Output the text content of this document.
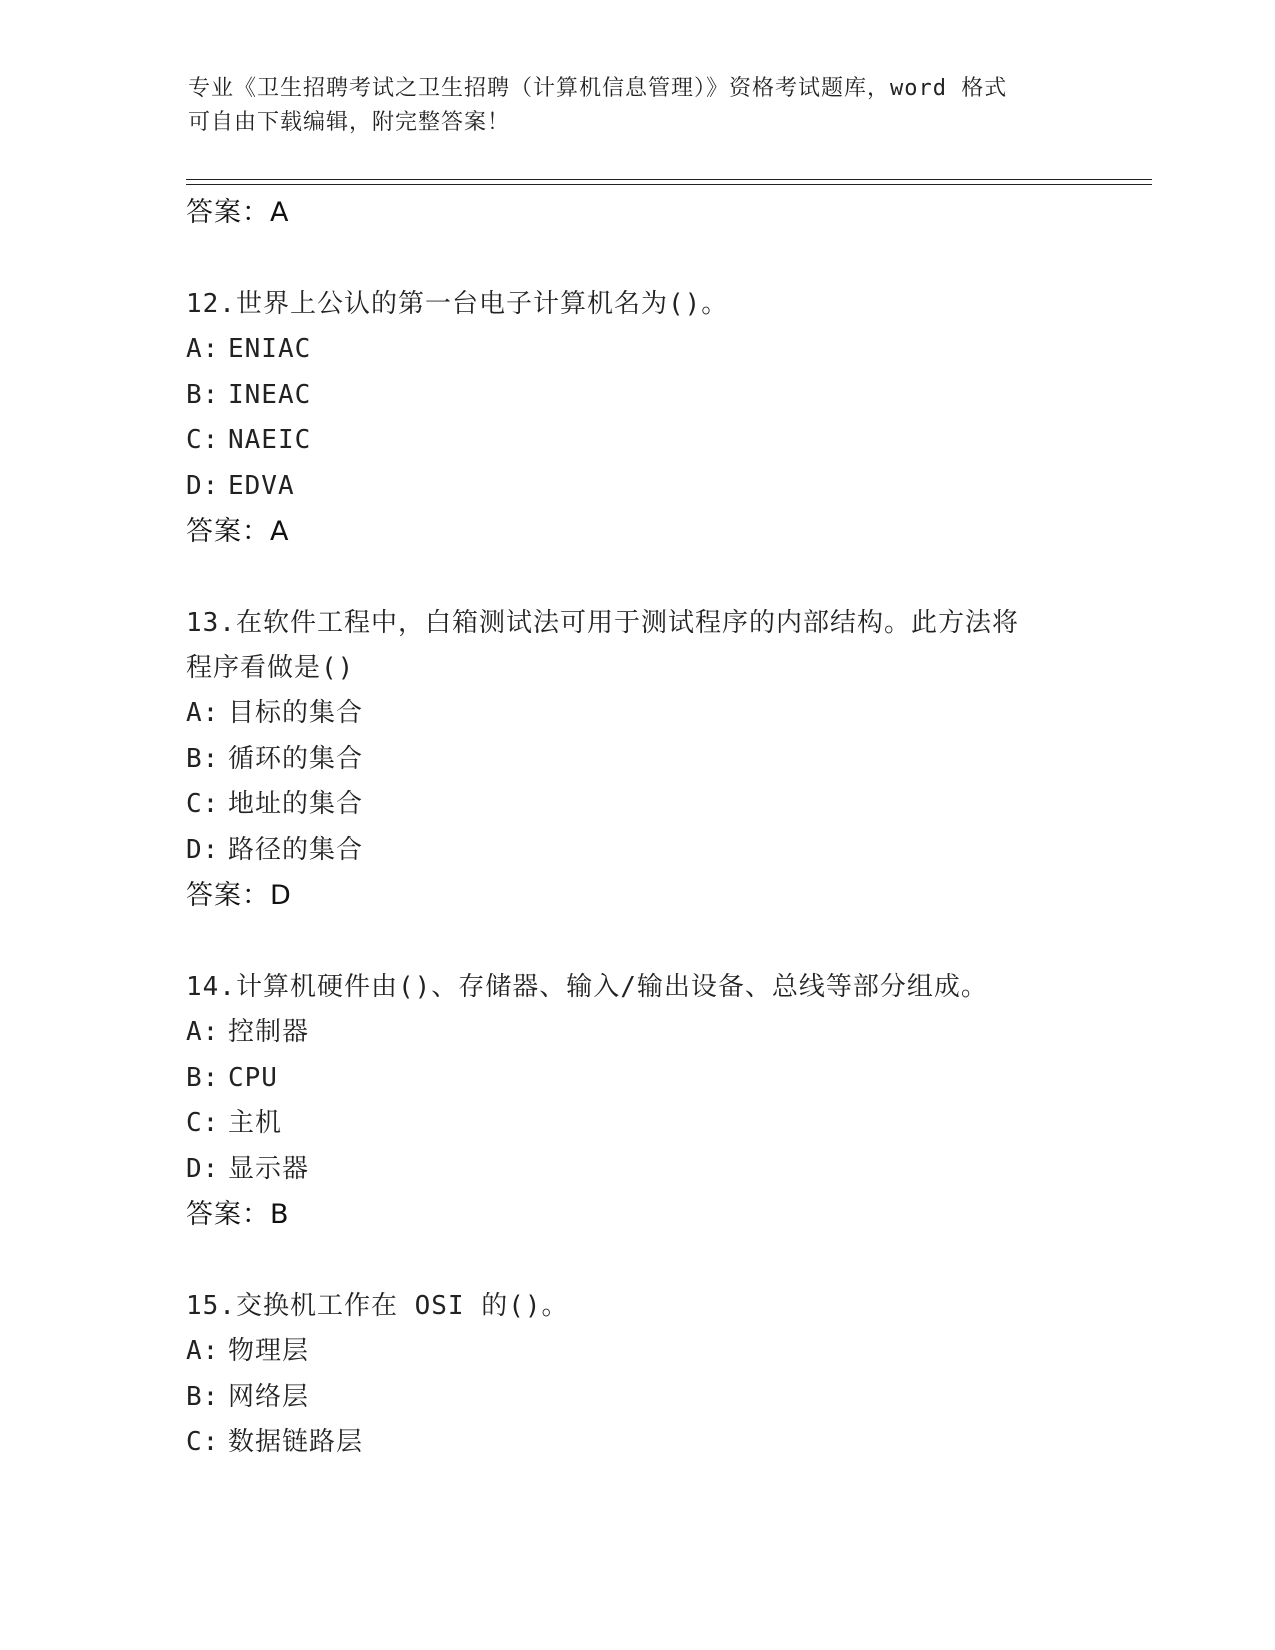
专业《卫生招聘考试之卫生招聘（计算机信息管理）》资格考试题库，word 格式
可自由下载编辑，附完整答案！
答案：A
12.世界上公认的第一台电子计算机名为()。
A: ENIAC
B: INEAC
C: NAEIC
D: EDVA
答案：A
13.在软件工程中，白箱测试法可用于测试程序的内部结构。此方法将
程序看做是()
A: 目标的集合
B: 循环的集合
C: 地址的集合
D: 路径的集合
答案：D
14.计算机硬件由()、存储器、输入/输出设备、总线等部分组成。
A: 控制器
B: CPU
C: 主机
D: 显示器
答案：B
15.交换机工作在 OSI 的()。
A: 物理层
B: 网络层
C: 数据链路层
